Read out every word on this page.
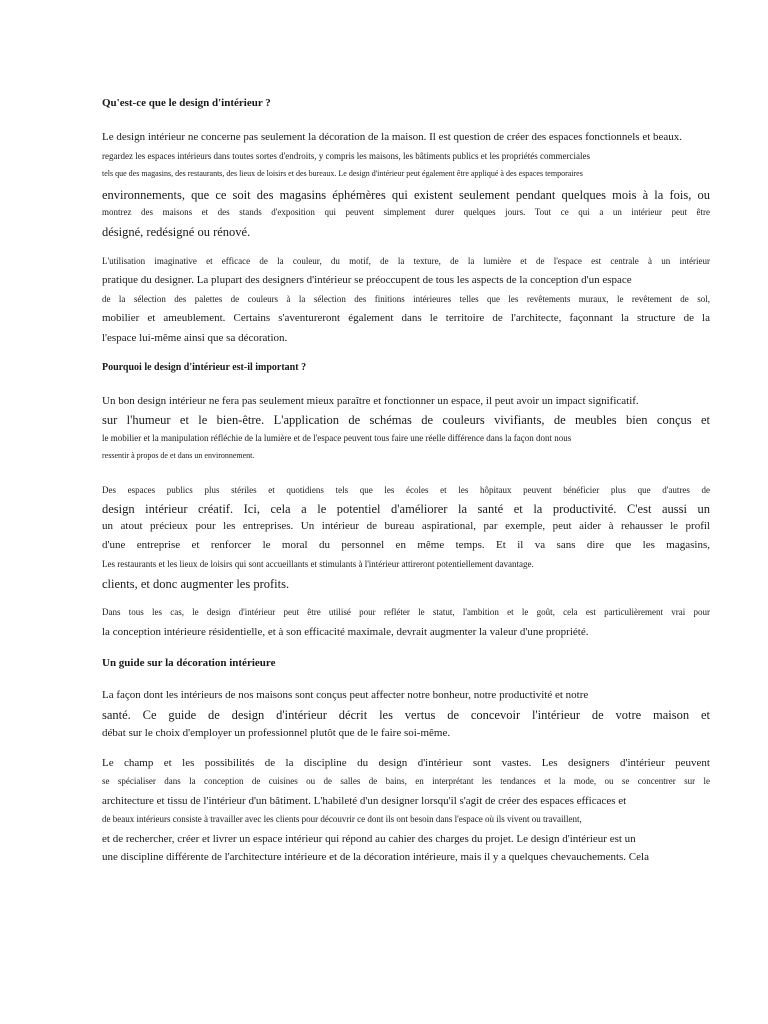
Qu'est-ce que le design d'intérieur ?
Le design intérieur ne concerne pas seulement la décoration de la maison. Il est question de créer des espaces fonctionnels et beaux.
regardez les espaces intérieurs dans toutes sortes d'endroits, y compris les maisons, les bâtiments publics et les propriétés commerciales
tels que des magasins, des restaurants, des lieux de loisirs et des bureaux. Le design d'intérieur peut également être appliqué à des espaces temporaires
environnements, que ce soit des magasins éphémères qui existent seulement pendant quelques mois à la fois, ou
montrez des maisons et des stands d'exposition qui peuvent simplement durer quelques jours. Tout ce qui a un intérieur peut être
désigné, redésigné ou rénové.
L'utilisation imaginative et efficace de la couleur, du motif, de la texture, de la lumière et de l'espace est centrale à un intérieur
pratique du designer. La plupart des designers d'intérieur se préoccupent de tous les aspects de la conception d'un espace
de la sélection des palettes de couleurs à la sélection des finitions intérieures telles que les revêtements muraux, le revêtement de sol,
mobilier et ameublement. Certains s'aventureront également dans le territoire de l'architecte, façonnant la structure de la
l'espace lui-même ainsi que sa décoration.
Pourquoi le design d'intérieur est-il important ?
Un bon design intérieur ne fera pas seulement mieux paraître et fonctionner un espace, il peut avoir un impact significatif.
sur l'humeur et le bien-être. L'application de schémas de couleurs vivifiants, de meubles bien conçus et
le mobilier et la manipulation réfléchie de la lumière et de l'espace peuvent tous faire une réelle différence dans la façon dont nous
ressentir à propos de et dans un environnement.
Des espaces publics plus stériles et quotidiens tels que les écoles et les hôpitaux peuvent bénéficier plus que d'autres de
design intérieur créatif. Ici, cela a le potentiel d'améliorer la santé et la productivité. C'est aussi un
un atout précieux pour les entreprises. Un intérieur de bureau aspirational, par exemple, peut aider à rehausser le profil
d'une entreprise et renforcer le moral du personnel en même temps. Et il va sans dire que les magasins,
Les restaurants et les lieux de loisirs qui sont accueillants et stimulants à l'intérieur attireront potentiellement davantage.
clients, et donc augmenter les profits.
Dans tous les cas, le design d'intérieur peut être utilisé pour refléter le statut, l'ambition et le goût, cela est particulièrement vrai pour
la conception intérieure résidentielle, et à son efficacité maximale, devrait augmenter la valeur d'une propriété.
Un guide sur la décoration intérieure
La façon dont les intérieurs de nos maisons sont conçus peut affecter notre bonheur, notre productivité et notre
santé. Ce guide de design d'intérieur décrit les vertus de concevoir l'intérieur de votre maison et
débat sur le choix d'employer un professionnel plutôt que de le faire soi-même.
Le champ et les possibilités de la discipline du design d'intérieur sont vastes. Les designers d'intérieur peuvent
se spécialiser dans la conception de cuisines ou de salles de bains, en interprétant les tendances et la mode, ou se concentrer sur le
architecture et tissu de l'intérieur d'un bâtiment. L'habileté d'un designer lorsqu'il s'agit de créer des espaces efficaces et
de beaux intérieurs consiste à travailler avec les clients pour découvrir ce dont ils ont besoin dans l'espace où ils vivent ou travaillent,
et de rechercher, créer et livrer un espace intérieur qui répond au cahier des charges du projet. Le design d'intérieur est un
une discipline différente de l'architecture intérieure et de la décoration intérieure, mais il y a quelques chevauchements. Cela
